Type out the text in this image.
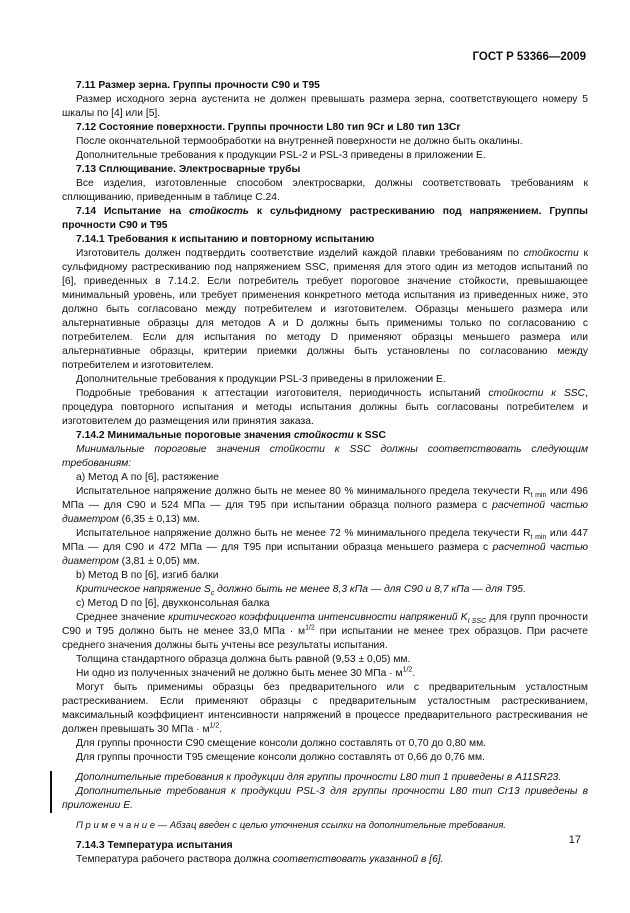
ГОСТ Р 53366—2009

7.11 Размер зерна. Группы прочности С90 и Т95

Размер исходного зерна аустенита не должен превышать размера зерна, соответствующего номеру 5 шкалы по [4] или [5].

7.12 Состояние поверхности. Группы прочности L80 тип 9Cr и L80 тип 13Cr

После окончательной термообработки на внутренней поверхности не должно быть окалины.

Дополнительные требования к продукции PSL-2 и PSL-3 приведены в приложении Е.

7.13 Сплющивание. Электросварные трубы

Все изделия, изготовленные способом электросварки, должны соответствовать требованиям к сплющиванию, приведенным в таблице С.24.

7.14 Испытание на стойкость к сульфидному растрескиванию под напряжением. Группы прочности С90 и Т95

7.14.1 Требования к испытанию и повторному испытанию

Изготовитель должен подтвердить соответствие изделий каждой плавки требованиям по стойкости к сульфидному растрескиванию под напряжением SSC, применяя для этого один из методов испытаний по [6], приведенных в 7.14.2. Если потребитель требует пороговое значение стойкости, превышающее минимальный уровень, или требует применения конкретного метода испытания из приведенных ниже, это должно быть согласовано между потребителем и изготовителем. Образцы меньшего размера или альтернативные образцы для методов А и D должны быть применимы только по согласованию с потребителем. Если для испытания по методу D применяют образцы меньшего размера или альтернативные образцы, критерии приемки должны быть установлены по согласованию между потребителем и изготовителем.

Дополнительные требования к продукции PSL-3 приведены в приложении Е.

Подробные требования к аттестации изготовителя, периодичность испытаний стойкости к SSC, процедура повторного испытания и методы испытания должны быть согласованы потребителем и изготовителем до размещения или принятия заказа.

7.14.2 Минимальные пороговые значения стойкости к SSC

Минимальные пороговые значения стойкости к SSC должны соответствовать следующим требованиям:

а) Метод А по [6], растяжение

Испытательное напряжение должно быть не менее 80 % минимального предела текучести $R_{t min}$ или 496 МПа — для С90 и 524 МПа — для Т95 при испытании образца полного размера с расчетной частью диаметром (6,35 ± 0,13) мм.

Испытательное напряжение должно быть не менее 72 % минимального предела текучести $R_{t min}$ или 447 МПа — для С90 и 472 МПа — для Т95 при испытании образца меньшего размера с расчетной частью диаметром (3,81 ± 0,05) мм.

b) Метод В по [6], изгиб балки

Критическое напряжение $S_c$ должно быть не менее 8,3 кПа — для С90 и 8,7 кПа — для Т95.

с) Метод D по [6], двухконсольная балка

Среднее значение критического коэффициента интенсивности напряжений $K_{I SSC}$ для групп прочности С90 и Т95 должно быть не менее 33,0 МПа · $м^{1/2}$ при испытании не менее трех образцов. При расчете среднего значения должны быть учтены все результаты испытания.

Толщина стандартного образца должна быть равной (9,53 ± 0,05) мм.

Ни одно из полученных значений не должно быть менее 30 МПа · $м^{1/2}$.

Могут быть применимы образцы без предварительного или с предварительным усталостным растрескиванием. Если применяют образцы с предварительным усталостным растрескиванием, максимальный коэффициент интенсивности напряжений в процессе предварительного растрескивания не должен превышать 30 МПа · $м^{1/2}$.

Для группы прочности С90 смещение консоли должно составлять от 0,70 до 0,80 мм.

Для группы прочности Т95 смещение консоли должно составлять от 0,66 до 0,76 мм.

Дополнительные требования к продукции для группы прочности L80 тип 1 приведены в А11SR23.

Дополнительные требования к продукции PSL-3 для группы прочности L80 тип Cr13 приведены в приложении Е.

П р и м е ч а н и е — Абзац введен с целью уточнения ссылки на дополнительные требования.

7.14.3 Температура испытания

Температура рабочего раствора должна соответствовать указанной в [6].

17
